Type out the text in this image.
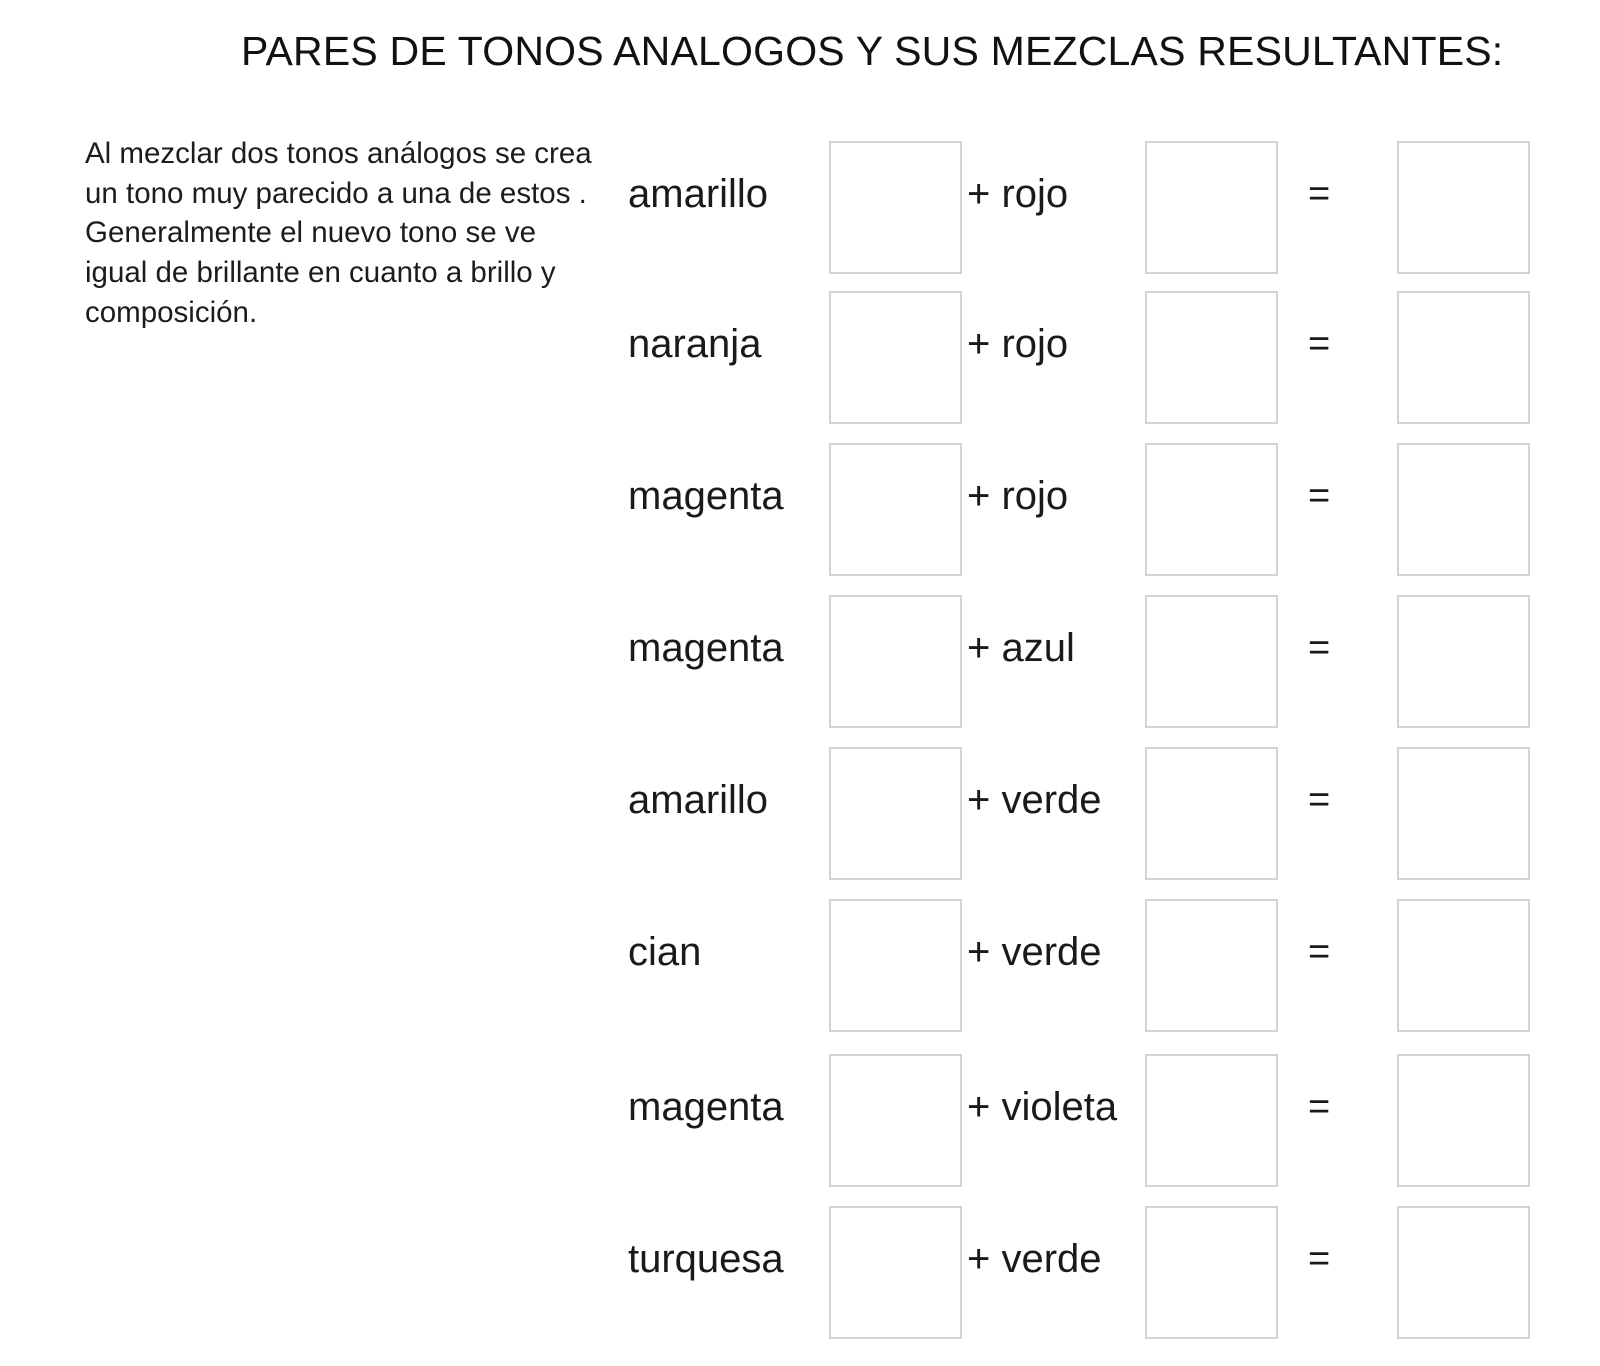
PARES DE TONOS ANALOGOS Y SUS MEZCLAS RESULTANTES:

Al mezclar dos tonos análogos se crea un tono muy parecido a una de estos .

Generalmente el nuevo tono se ve igual de brillante en cuanto a brillo y composición.

amarillo	+ rojo	=
naranja	+ rojo	=
magenta	+ rojo	=
magenta	+ azul	=
amarillo	+ verde	=
cian	+ verde	=
magenta	+ violeta	=
turquesa	+ verde	=
